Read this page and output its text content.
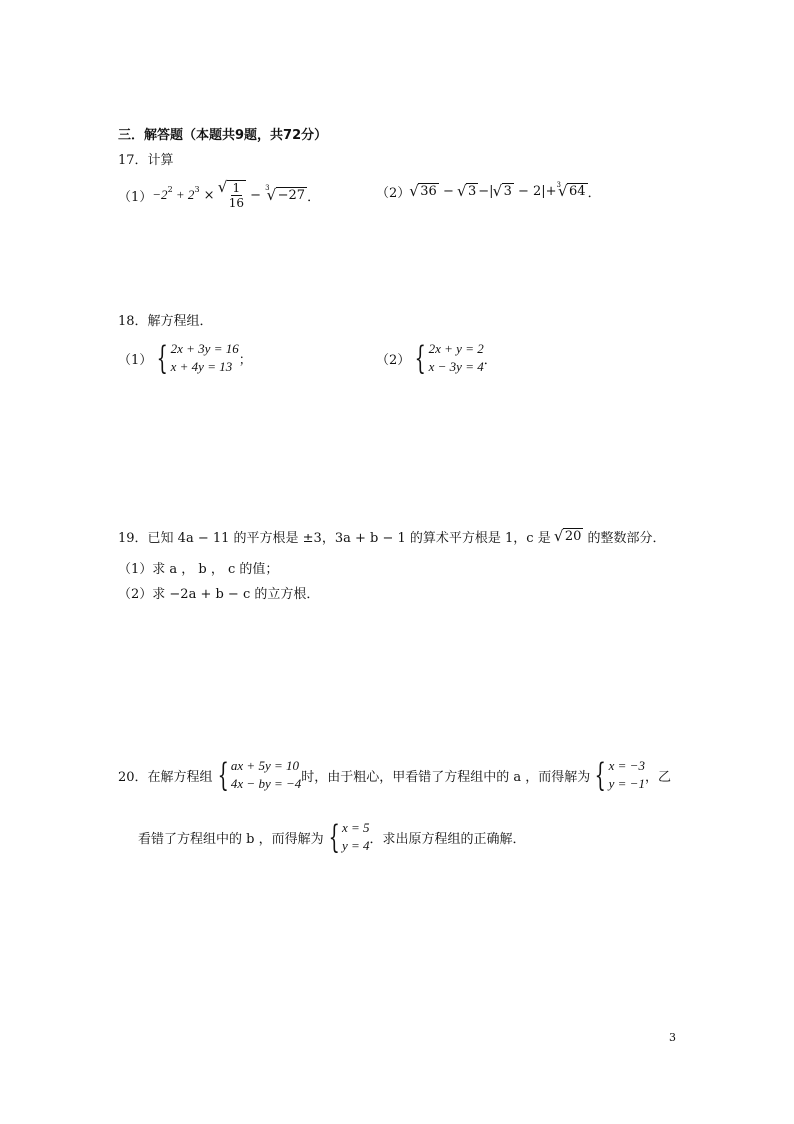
三．解答题（本题共9题，共72分）
17．计算
（1） −2 2 + 2 3 × √ $\frac{1}{16} - 3$ √ −27 ．	（2） √ 36 − √ 3 −| √ 3 − 2|+ 3 √ 64 ．
18．解方程组．
（1） { 2x + 3y = 16
x + 4y = 13 ；	（2） { 2x + y = 2
x − 3y = 4 ．
19．已知 4a − 11 的平方根是 ±3，3a + b − 1 的算术平方根是 1，c 是 √ 20 的整数部分．
（1）求 a ， b ， c 的值；
（2）求 −2a + b − c 的立方根．
20．在解方程组 { ax + 5y = 10
4x − by = −4 时，由于粗心，甲看错了方程组中的 a ，而得解为 { x = −3
y = −1 ，乙
看错了方程组中的 b ，而得解为 { x = 5
y = 4 ．求出原方程组的正确解．
3
